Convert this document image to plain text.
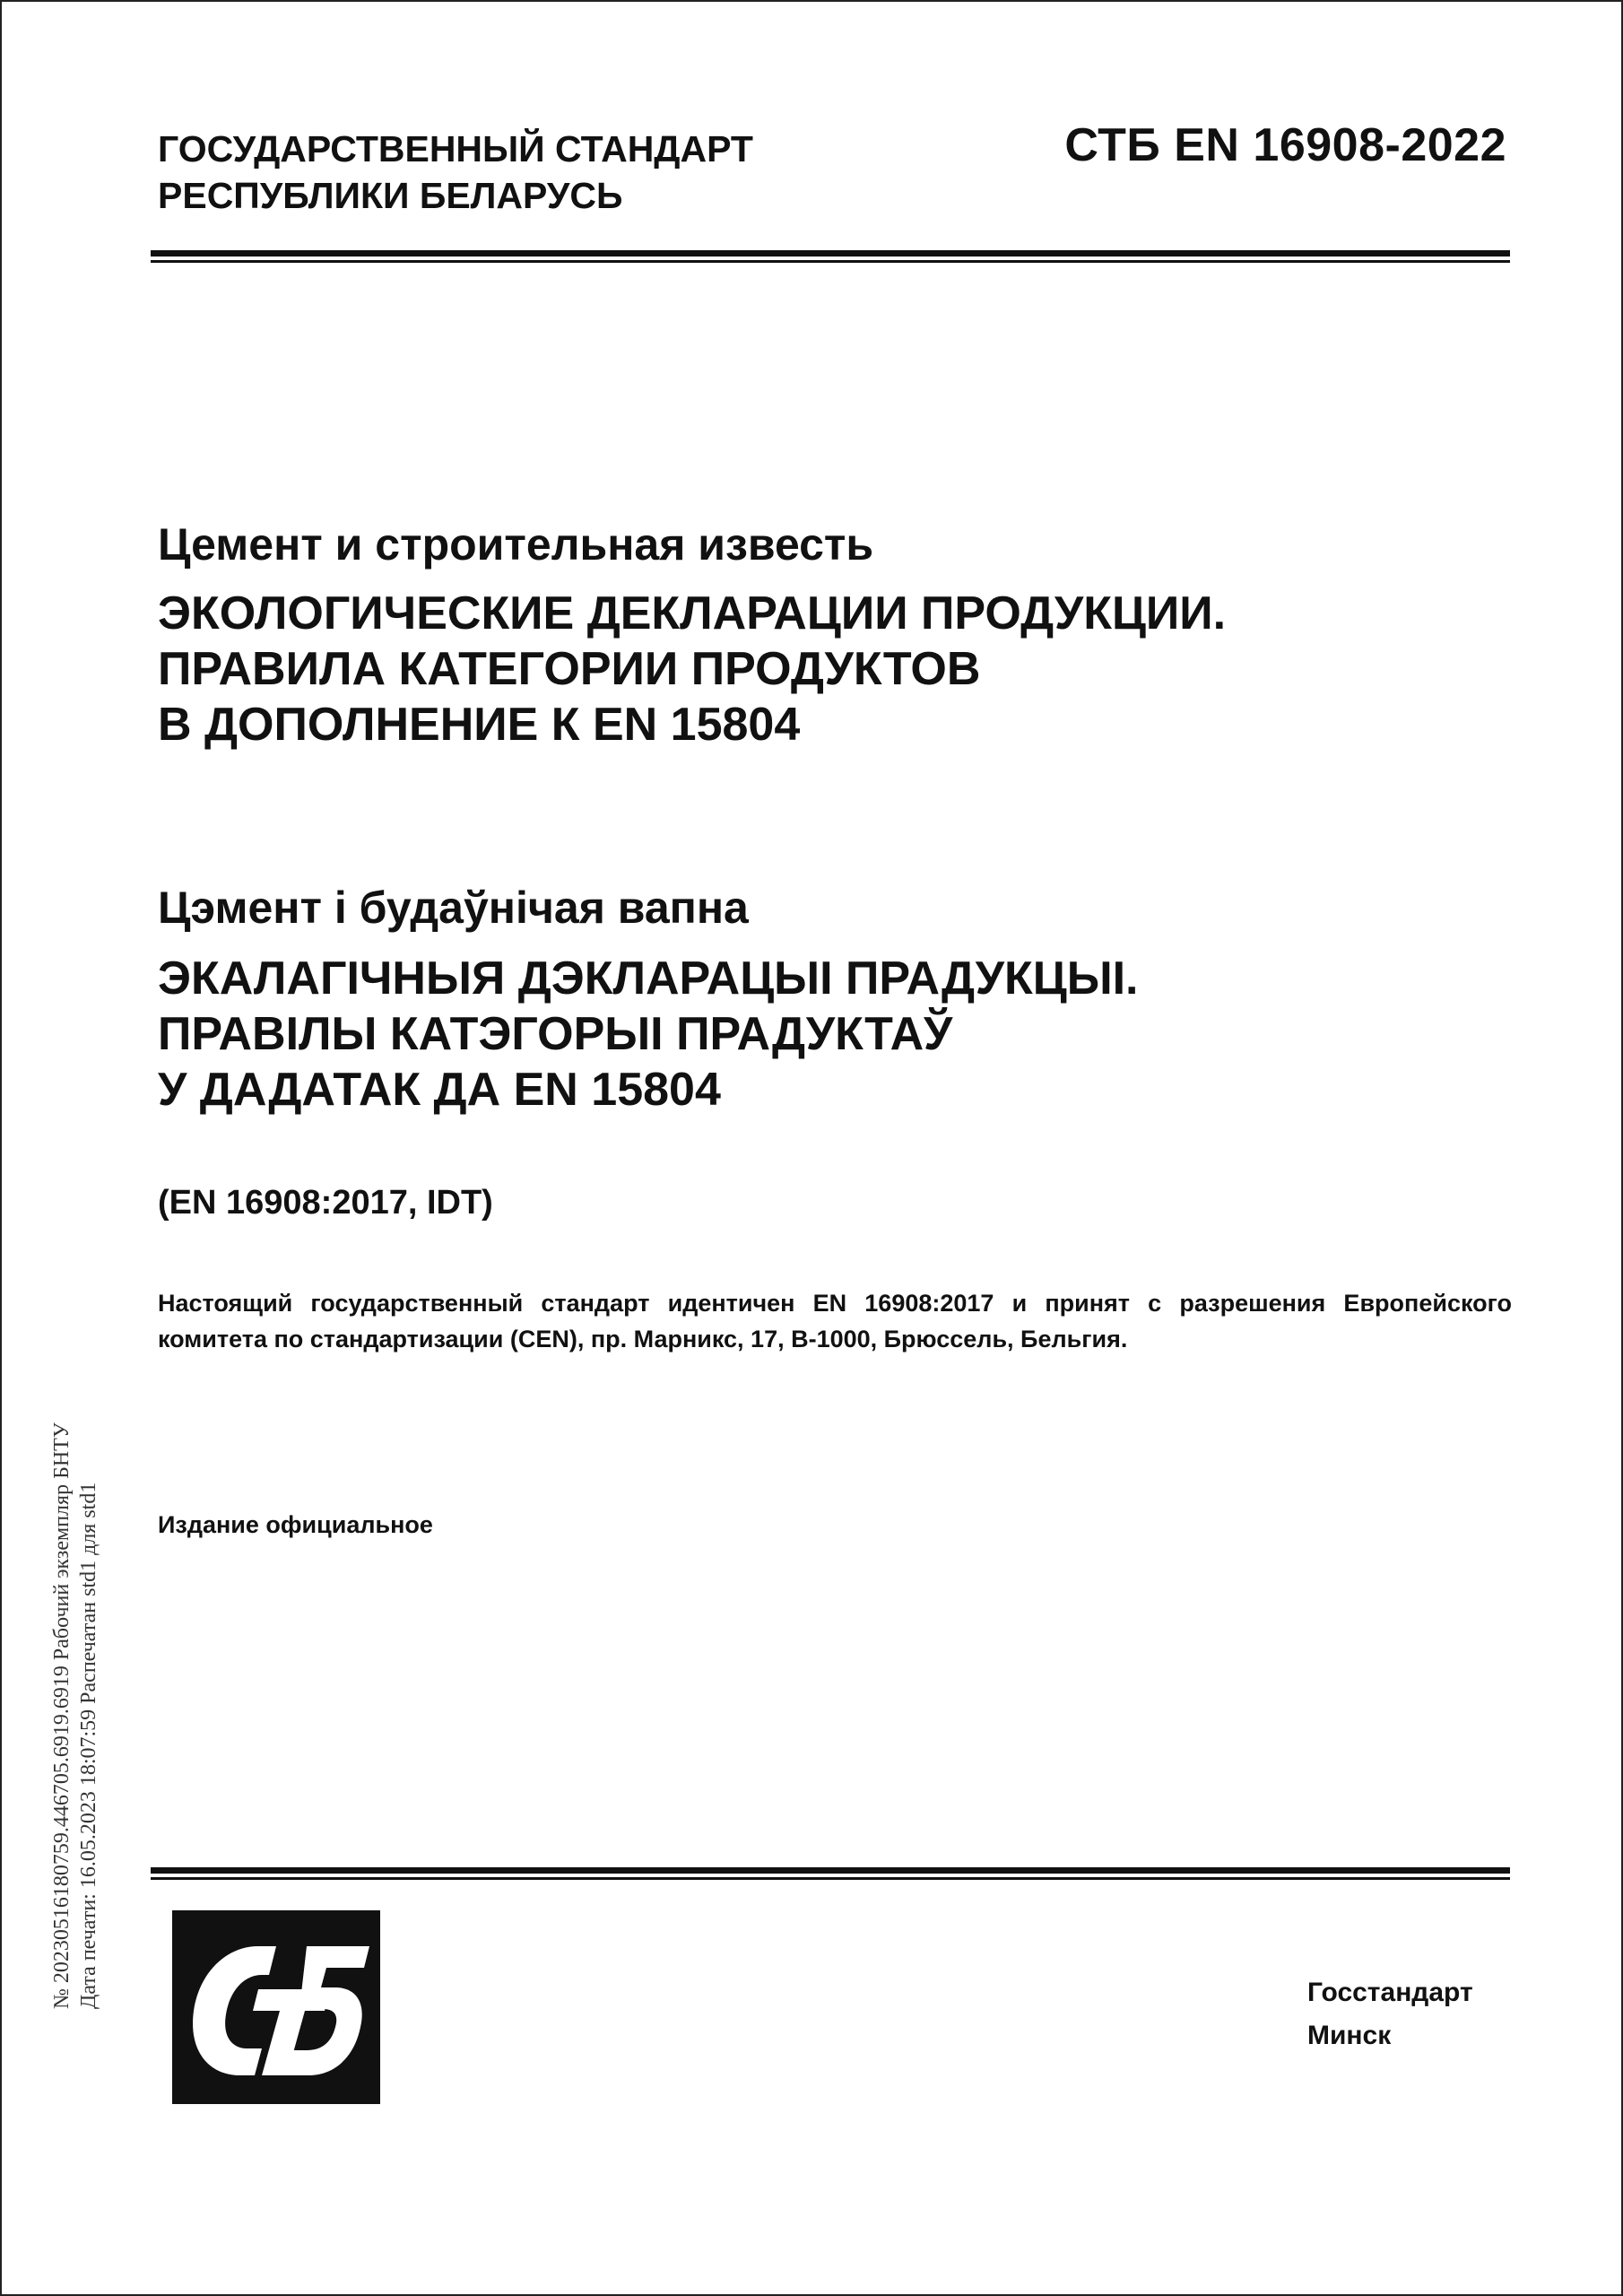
ГОСУДАРСТВЕННЫЙ СТАНДАРТ
РЕСПУБЛИКИ БЕЛАРУСЬ
СТБ EN 16908-2022
Цемент и строительная известь
ЭКОЛОГИЧЕСКИЕ ДЕКЛАРАЦИИ ПРОДУКЦИИ.
ПРАВИЛА КАТЕГОРИИ ПРОДУКТОВ
В ДОПОЛНЕНИЕ К EN 15804
Цэмент і будаўнічая вапна
ЭКАЛАГІЧНЫЯ ДЭКЛАРАЦЫІ ПРАДУКЦЫІ.
ПРАВІЛЫ КАТЭГОРЫІ ПРАДУКТАЎ
У ДАДАТАК ДА EN 15804
(EN 16908:2017, IDT)
Настоящий государственный стандарт идентичен EN 16908:2017 и принят с разрешения Европейского комитета по стандартизации (CEN), пр. Марникс, 17, B-1000, Брюссель, Бельгия.
Издание официальное
№ 20230516180759.446705.6919.6919 Рабочий экземпляр БНТУ Дата печати: 16.05.2023 18:07:59 Распечатан std1 для std1	Госстандарт
Минск
